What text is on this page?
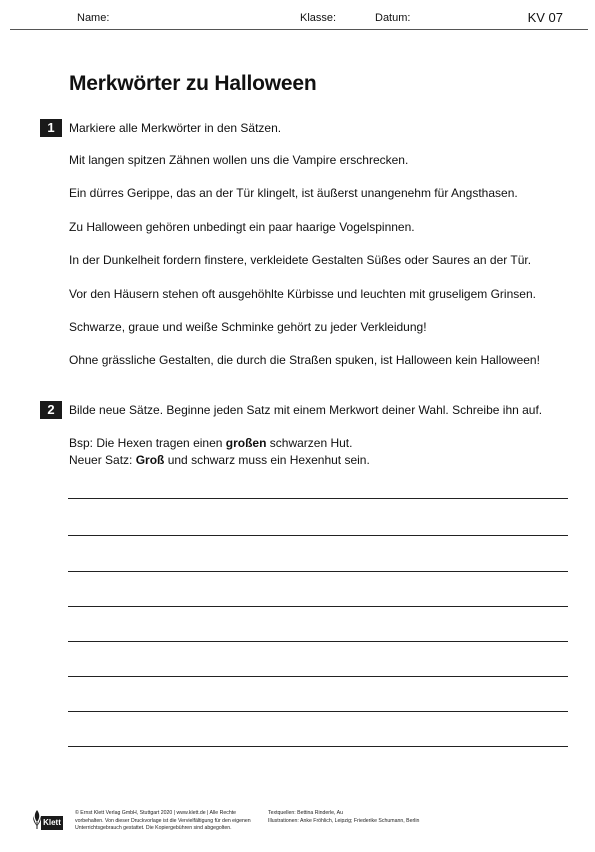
Name:	Klasse:	Datum:	KV 07
Merkwörter zu Halloween
1	Markiere alle Merkwörter in den Sätzen.
Mit langen spitzen Zähnen wollen uns die Vampire erschrecken.
Ein dürres Gerippe, das an der Tür klingelt, ist äußerst unangenehm für Angsthasen.
Zu Halloween gehören unbedingt ein paar haarige Vogelspinnen.
In der Dunkelheit fordern finstere, verkleidete Gestalten Süßes oder Saures an der Tür.
Vor den Häusern stehen oft ausgehöhlte Kürbisse und leuchten mit gruseligem Grinsen.
Schwarze, graue und weiße Schminke gehört zu jeder Verkleidung!
Ohne grässliche Gestalten, die durch die Straßen spuken, ist Halloween kein Halloween!
2	Bilde neue Sätze. Beginne jeden Satz mit einem Merkwort deiner Wahl. Schreibe ihn auf.
Bsp: Die Hexen tragen einen großen schwarzen Hut.
Neuer Satz: Groß und schwarz muss ein Hexenhut sein.
Klett
© Ernst Klett Verlag GmbH, Stuttgart 2020 | www.klett.de | Alle Rechte
vorbehalten. Von dieser Druckvorlage ist die Vervielfältigung für den eigenen
Unterrichtsgebrauch gestattet. Die Kopiergebühren sind abgegolten.
Textquellen: Bettina Rinderle, Au
Illustrationen: Anke Fröhlich, Leipzig; Friederike Schumann, Berlin
